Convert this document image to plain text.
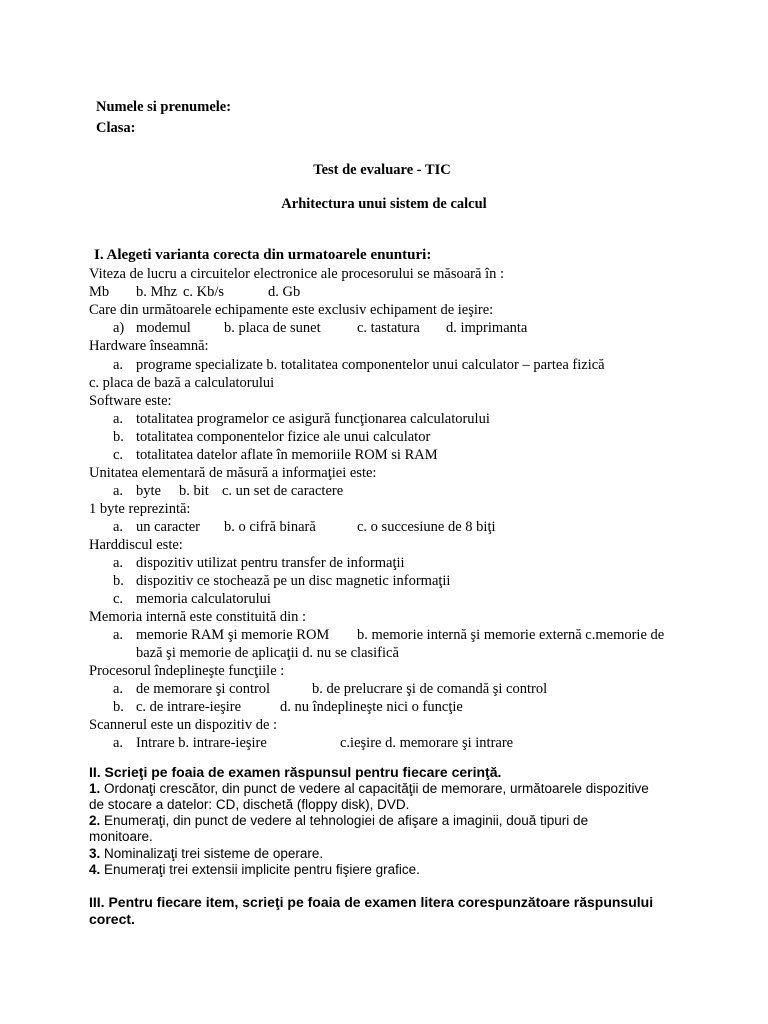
Numele si prenumele:
Clasa:
Test de evaluare - TIC
Arhitectura unui sistem de calcul
I. Alegeti varianta corecta din urmatoarele enunturi:
Viteza de lucru a circuitelor electronice ale procesorului se măsoară în :
Mb b. Mhz c. Kb/s	d. Gb
Care din următoarele echipamente este exclusiv echipament de ieşire:
a) modemul b. placa de sunet	c. tastatura d. imprimanta
Hardware înseamnă:
a. programe specializate b. totalitatea componentelor unui calculator – partea fizică
c. placa de bază a calculatorului
Software este:
a. totalitatea programelor ce asigură funcţionarea calculatorului
b. totalitatea componentelor fizice ale unui calculator
c. totalitatea datelor aflate în memoriile ROM si RAM
Unitatea elementară de măsură a informaţiei este:
a. byte b. bit c. un set de caractere
1 byte reprezintă:
a. un caracter b. o cifră binară	c. o succesiune de 8 biţi
Harddiscul este:
a. dispozitiv utilizat pentru transfer de informaţii
b. dispozitiv ce stochează pe un disc magnetic informaţii
c. memoria calculatorului
Memoria internă este constituită din :
a. memorie RAM şi memorie ROM b. memorie internă şi memorie externă c.memorie de
bază şi memorie de aplicaţii d. nu se clasifică
Procesorul îndeplineşte funcţiile :
a. de memorare şi control	b. de prelucrare şi de comandă şi control
b. c. de intrare-ieşire	d. nu îndeplineşte nici o funcţie
Scannerul este un dispozitiv de :
a. Intrare b. intrare-ieşire	c.ieşire d. memorare şi intrare
II. Scrieţi pe foaia de examen răspunsul pentru fiecare cerinţă.
1. Ordonaţi crescător, din punct de vedere al capacităţii de memorare, următoarele dispozitive
de stocare a datelor: CD, dischetă (floppy disk), DVD.
2. Enumeraţi, din punct de vedere al tehnologiei de afişare a imaginii, două tipuri de
monitoare.
3. Nominalizaţi trei sisteme de operare.
4. Enumeraţi trei extensii implicite pentru fişiere grafice.
III. Pentru fiecare item, scrieţi pe foaia de examen litera corespunzătoare răspunsului
corect.
